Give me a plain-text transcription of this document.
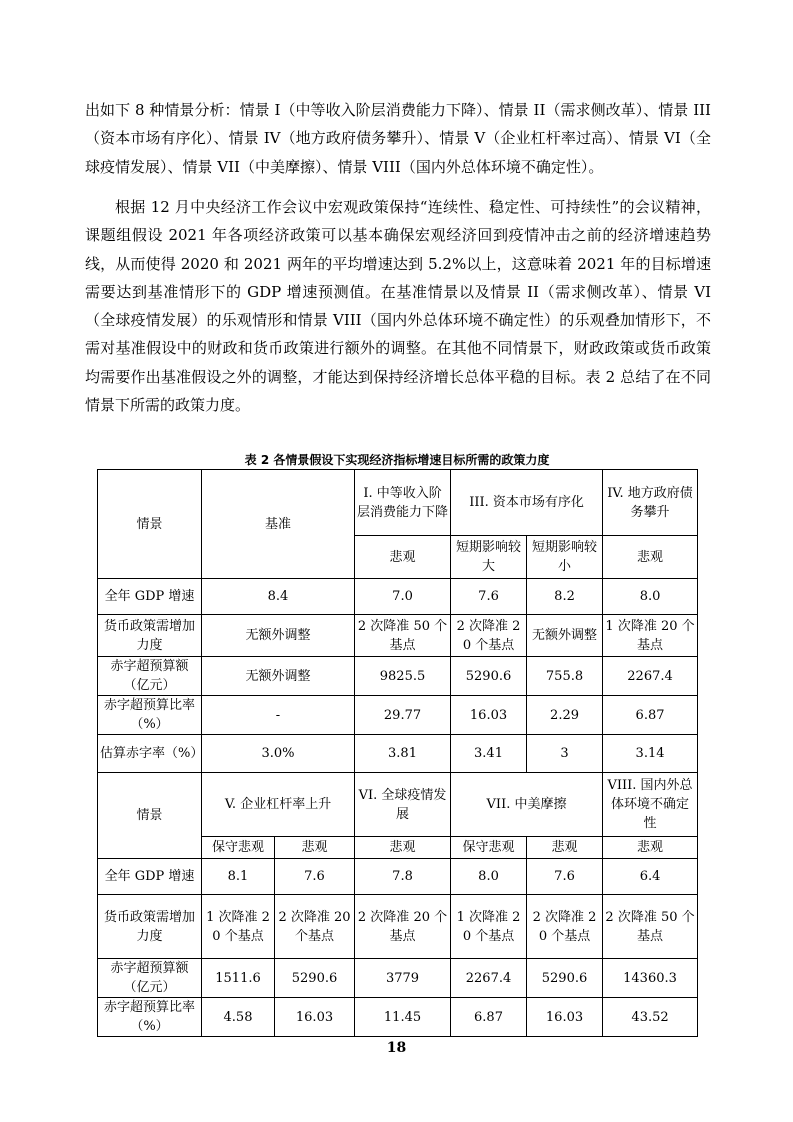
出如下 8 种情景分析：情景 I（中等收入阶层消费能力下降）、情景 II（需求侧改革）、情景 III（资本市场有序化）、情景 IV（地方政府债务攀升）、情景 V（企业杠杆率过高）、情景 VI（全球疫情发展）、情景 VII（中美摩擦）、情景 VIII（国内外总体环境不确定性）。

根据 12 月中央经济工作会议中宏观政策保持“连续性、稳定性、可持续性”的会议精神，课题组假设 2021 年各项经济政策可以基本确保宏观经济回到疫情冲击之前的经济增速趋势线，从而使得 2020 和 2021 两年的平均增速达到 5.2%以上，这意味着 2021 年的目标增速需要达到基准情形下的 GDP 增速预测值。在基准情景以及情景 II（需求侧改革）、情景 VI（全球疫情发展）的乐观情形和情景 VIII（国内外总体环境不确定性）的乐观叠加情形下，不需对基准假设中的财政和货币政策进行额外的调整。在其他不同情景下，财政政策或货币政策均需要作出基准假设之外的调整，才能达到保持经济增长总体平稳的目标。表 2 总结了在不同情景下所需的政策力度。

表 2 各情景假设下实现经济指标增速目标所需的政策力度
情景	基准		I. 中等收入阶层消费能力下降	III. 资本市场有序化		IV. 地方政府债务攀升
			悲观	短期影响较大	短期影响较小	悲观
全年 GDP 增速	8.4		7.0	7.6	8.2	8.0
货币政策需增加力度	无额外调整		2 次降准 50 个基点	2 次降准 20 个基点	无额外调整	1 次降准 20 个基点
赤字超预算额（亿元）	无额外调整		9825.5	5290.6	755.8	2267.4
赤字超预算比率（%）	-		29.77	16.03	2.29	6.87
估算赤字率（%）	3.0%		3.81	3.41	3	3.14
情景	V. 企业杠杆率上升		VI. 全球疫情发展	VII. 中美摩擦		VIII. 国内外总体环境不确定性
	保守悲观	悲观	悲观	保守悲观	悲观	悲观
全年 GDP 增速	8.1	7.6	7.8	8.0	7.6	6.4
货币政策需增加力度	1 次降准 20 个基点	2 次降准 20 个基点	2 次降准 20 个基点	1 次降准 20 个基点	2 次降准 20 个基点	2 次降准 50 个基点
赤字超预算额（亿元）	1511.6	5290.6	3779	2267.4	5290.6	14360.3
赤字超预算比率（%）	4.58	16.03	11.45	6.87	16.03	43.52
18
